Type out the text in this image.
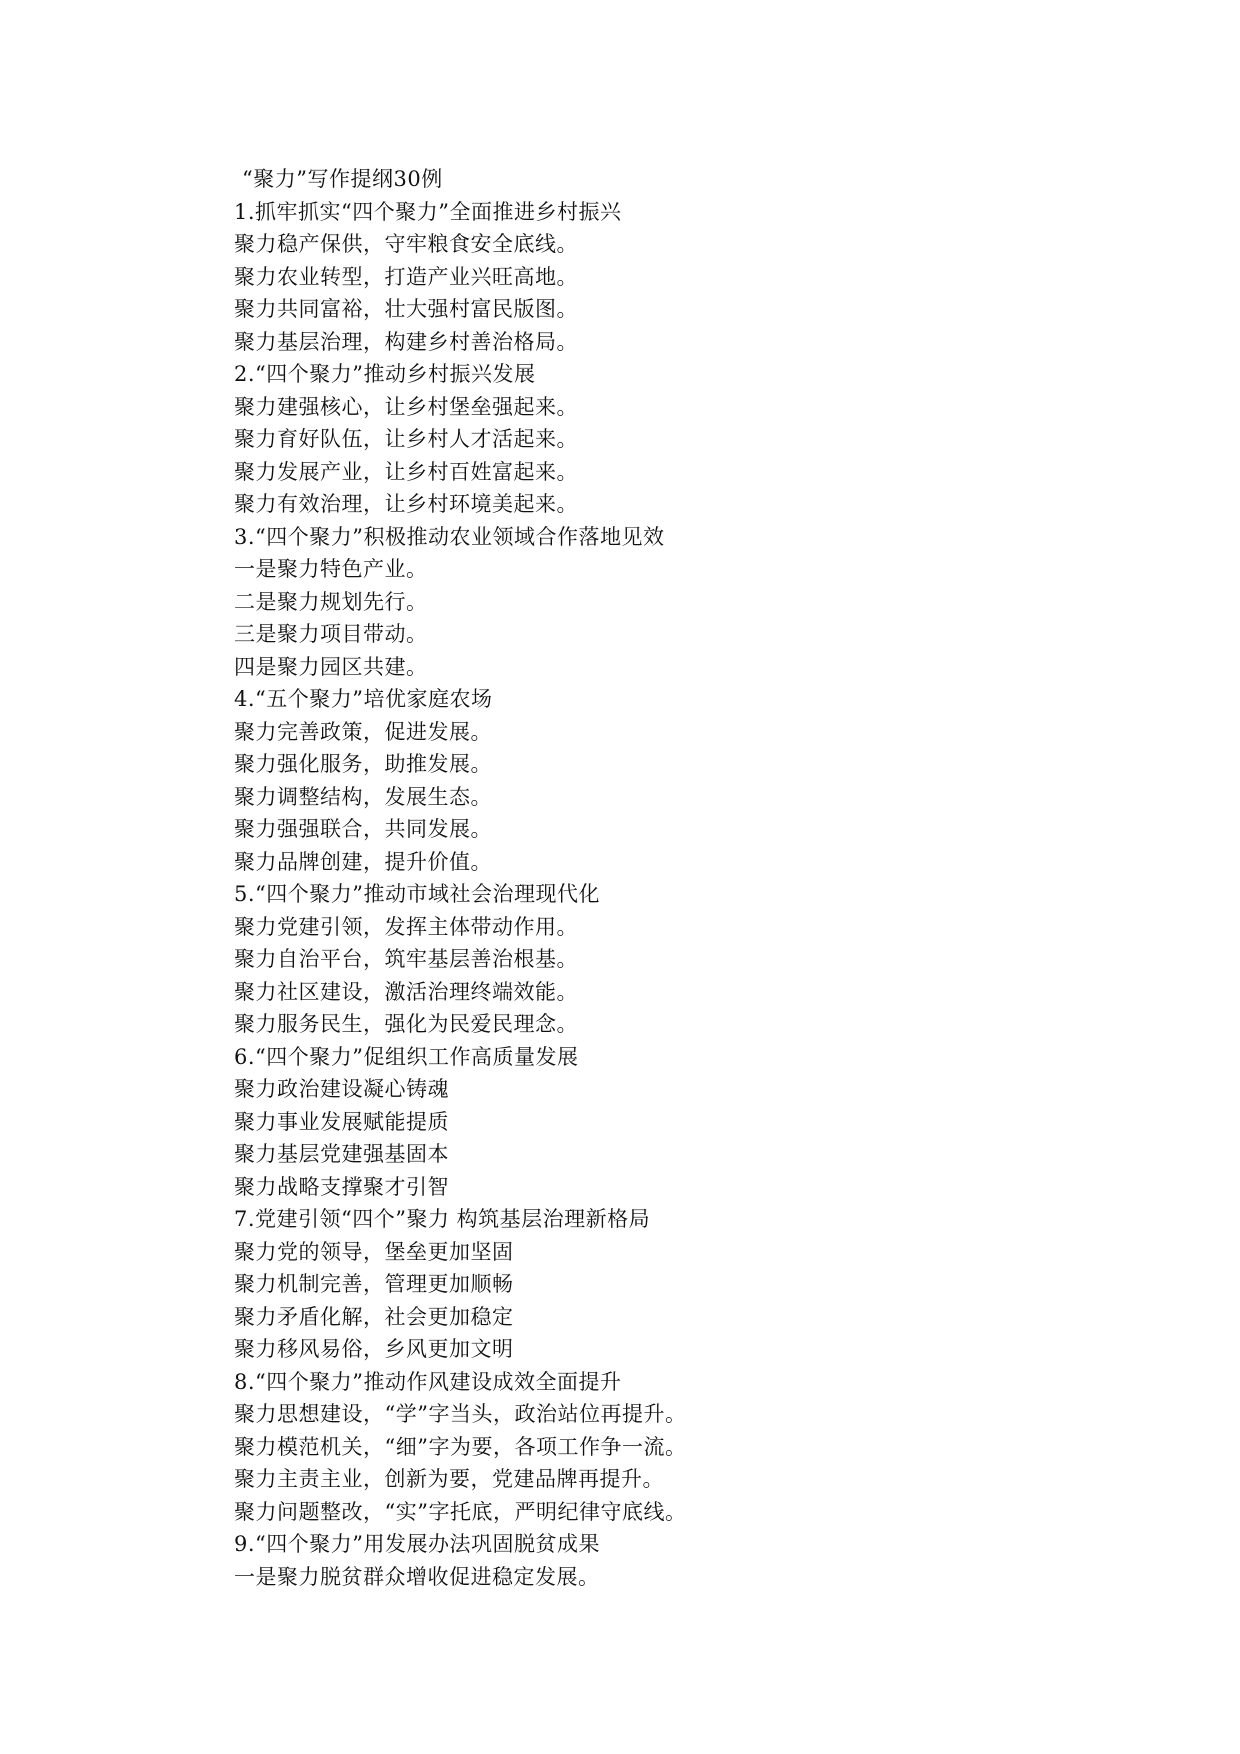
“聚力”写作提纲30例
1.抓牢抓实“四个聚力”全面推进乡村振兴
聚力稳产保供，守牢粮食安全底线。
聚力农业转型，打造产业兴旺高地。
聚力共同富裕，壮大强村富民版图。
聚力基层治理，构建乡村善治格局。
2.“四个聚力”推动乡村振兴发展
聚力建强核心，让乡村堡垒强起来。
聚力育好队伍，让乡村人才活起来。
聚力发展产业，让乡村百姓富起来。
聚力有效治理，让乡村环境美起来。
3.“四个聚力”积极推动农业领域合作落地见效
一是聚力特色产业。
二是聚力规划先行。
三是聚力项目带动。
四是聚力园区共建。
4.“五个聚力”培优家庭农场
聚力完善政策，促进发展。
聚力强化服务，助推发展。
聚力调整结构，发展生态。
聚力强强联合，共同发展。
聚力品牌创建，提升价值。
5.“四个聚力”推动市域社会治理现代化
聚力党建引领，发挥主体带动作用。
聚力自治平台，筑牢基层善治根基。
聚力社区建设，激活治理终端效能。
聚力服务民生，强化为民爱民理念。
6.“四个聚力”促组织工作高质量发展
聚力政治建设凝心铸魂
聚力事业发展赋能提质
聚力基层党建强基固本
聚力战略支撑聚才引智
7.党建引领“四个”聚力 构筑基层治理新格局
聚力党的领导，堡垒更加坚固
聚力机制完善，管理更加顺畅
聚力矛盾化解，社会更加稳定
聚力移风易俗，乡风更加文明
8.“四个聚力”推动作风建设成效全面提升
聚力思想建设，“学”字当头，政治站位再提升。
聚力模范机关，“细”字为要，各项工作争一流。
聚力主责主业，创新为要，党建品牌再提升。
聚力问题整改，“实”字托底，严明纪律守底线。
9.“四个聚力”用发展办法巩固脱贫成果
一是聚力脱贫群众增收促进稳定发展。
